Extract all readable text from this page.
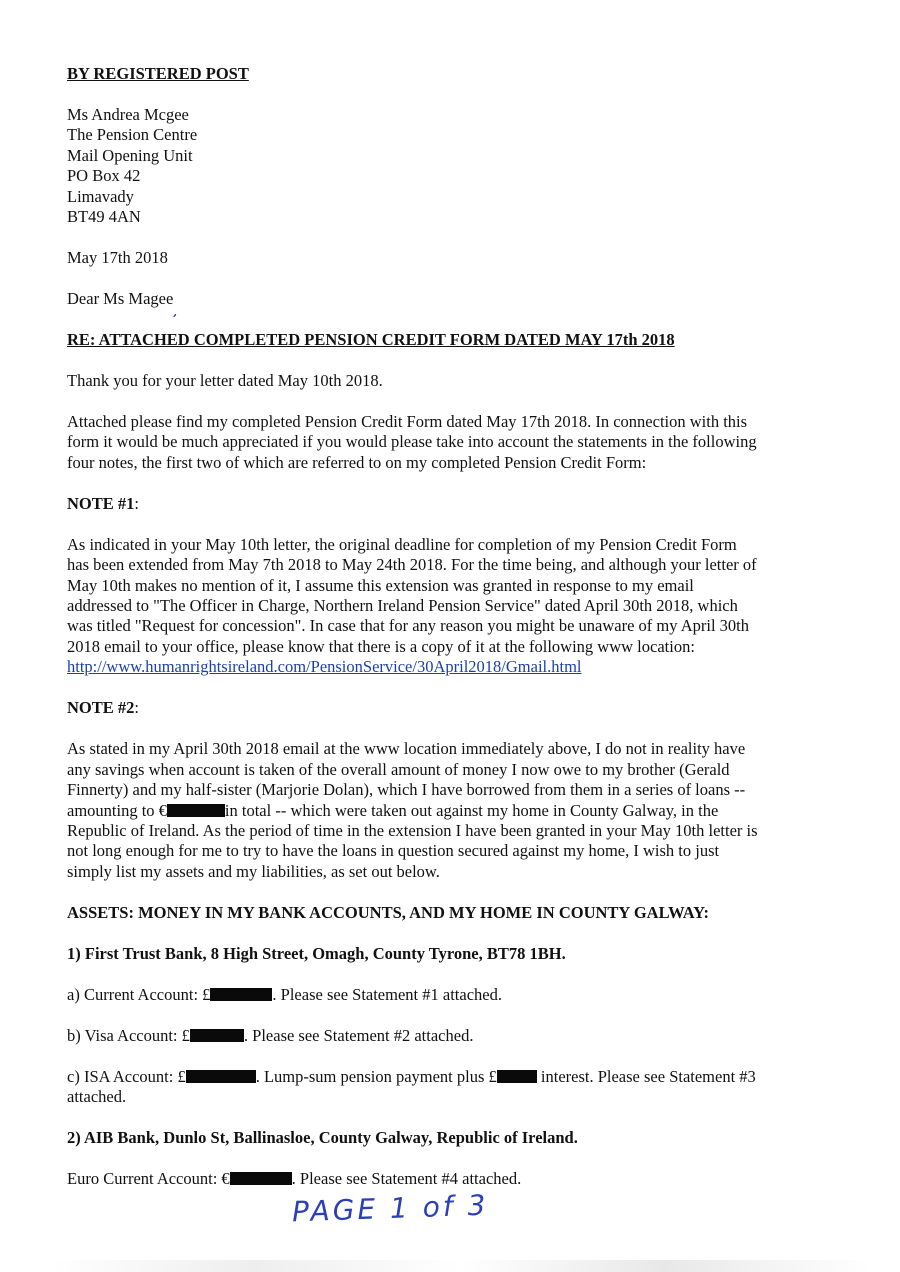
BY REGISTERED POST

Ms Andrea Mcgee

The Pension Centre

Mail Opening Unit

PO Box 42

Limavady

BT49 4AN

May 17th 2018

Dear Ms Magee

RE: ATTACHED COMPLETED PENSION CREDIT FORM DATED MAY 17th 2018

Thank you for your letter dated May 10th 2018.

Attached please find my completed Pension Credit Form dated May 17th 2018. In connection with this

form it would be much appreciated if you would please take into account the statements in the following

four notes, the first two of which are referred to on my completed Pension Credit Form:

NOTE #1:

As indicated in your May 10th letter, the original deadline for completion of my Pension Credit Form

has been extended from May 7th 2018 to May 24th 2018. For the time being, and although your letter of

May 10th makes no mention of it, I assume this extension was granted in response to my email

addressed to "The Officer in Charge, Northern Ireland Pension Service" dated April 30th 2018, which

was titled "Request for concession". In case that for any reason you might be unaware of my April 30th

2018 email to your office, please know that there is a copy of it at the following www location:

http://www.humanrightsireland.com/PensionService/30April2018/Gmail.html

NOTE #2:

As stated in my April 30th 2018 email at the www location immediately above, I do not in reality have

any savings when account is taken of the overall amount of money I now owe to my brother (Gerald

Finnerty) and my half-sister (Marjorie Dolan), which I have borrowed from them in a series of loans --

amounting to €	in total -- which were taken out against my home in County Galway, in the

Republic of Ireland. As the period of time in the extension I have been granted in your May 10th letter is

not long enough for me to try to have the loans in question secured against my home, I wish to just

simply list my assets and my liabilities, as set out below.

ASSETS: MONEY IN MY BANK ACCOUNTS, AND MY HOME IN COUNTY GALWAY:

1) First Trust Bank, 8 High Street, Omagh, County Tyrone, BT78 1BH.

a) Current Account: £	. Please see Statement #1 attached.

b) Visa Account: £	. Please see Statement #2 attached.

c) ISA Account: £	. Lump-sum pension payment plus £ interest. Please see Statement #3

attached.

2) AIB Bank, Dunlo St, Ballinasloe, County Galway, Republic of Ireland.

Euro Current Account: €	. Please see Statement #4 attached.

,
PAGE 1 of 3
